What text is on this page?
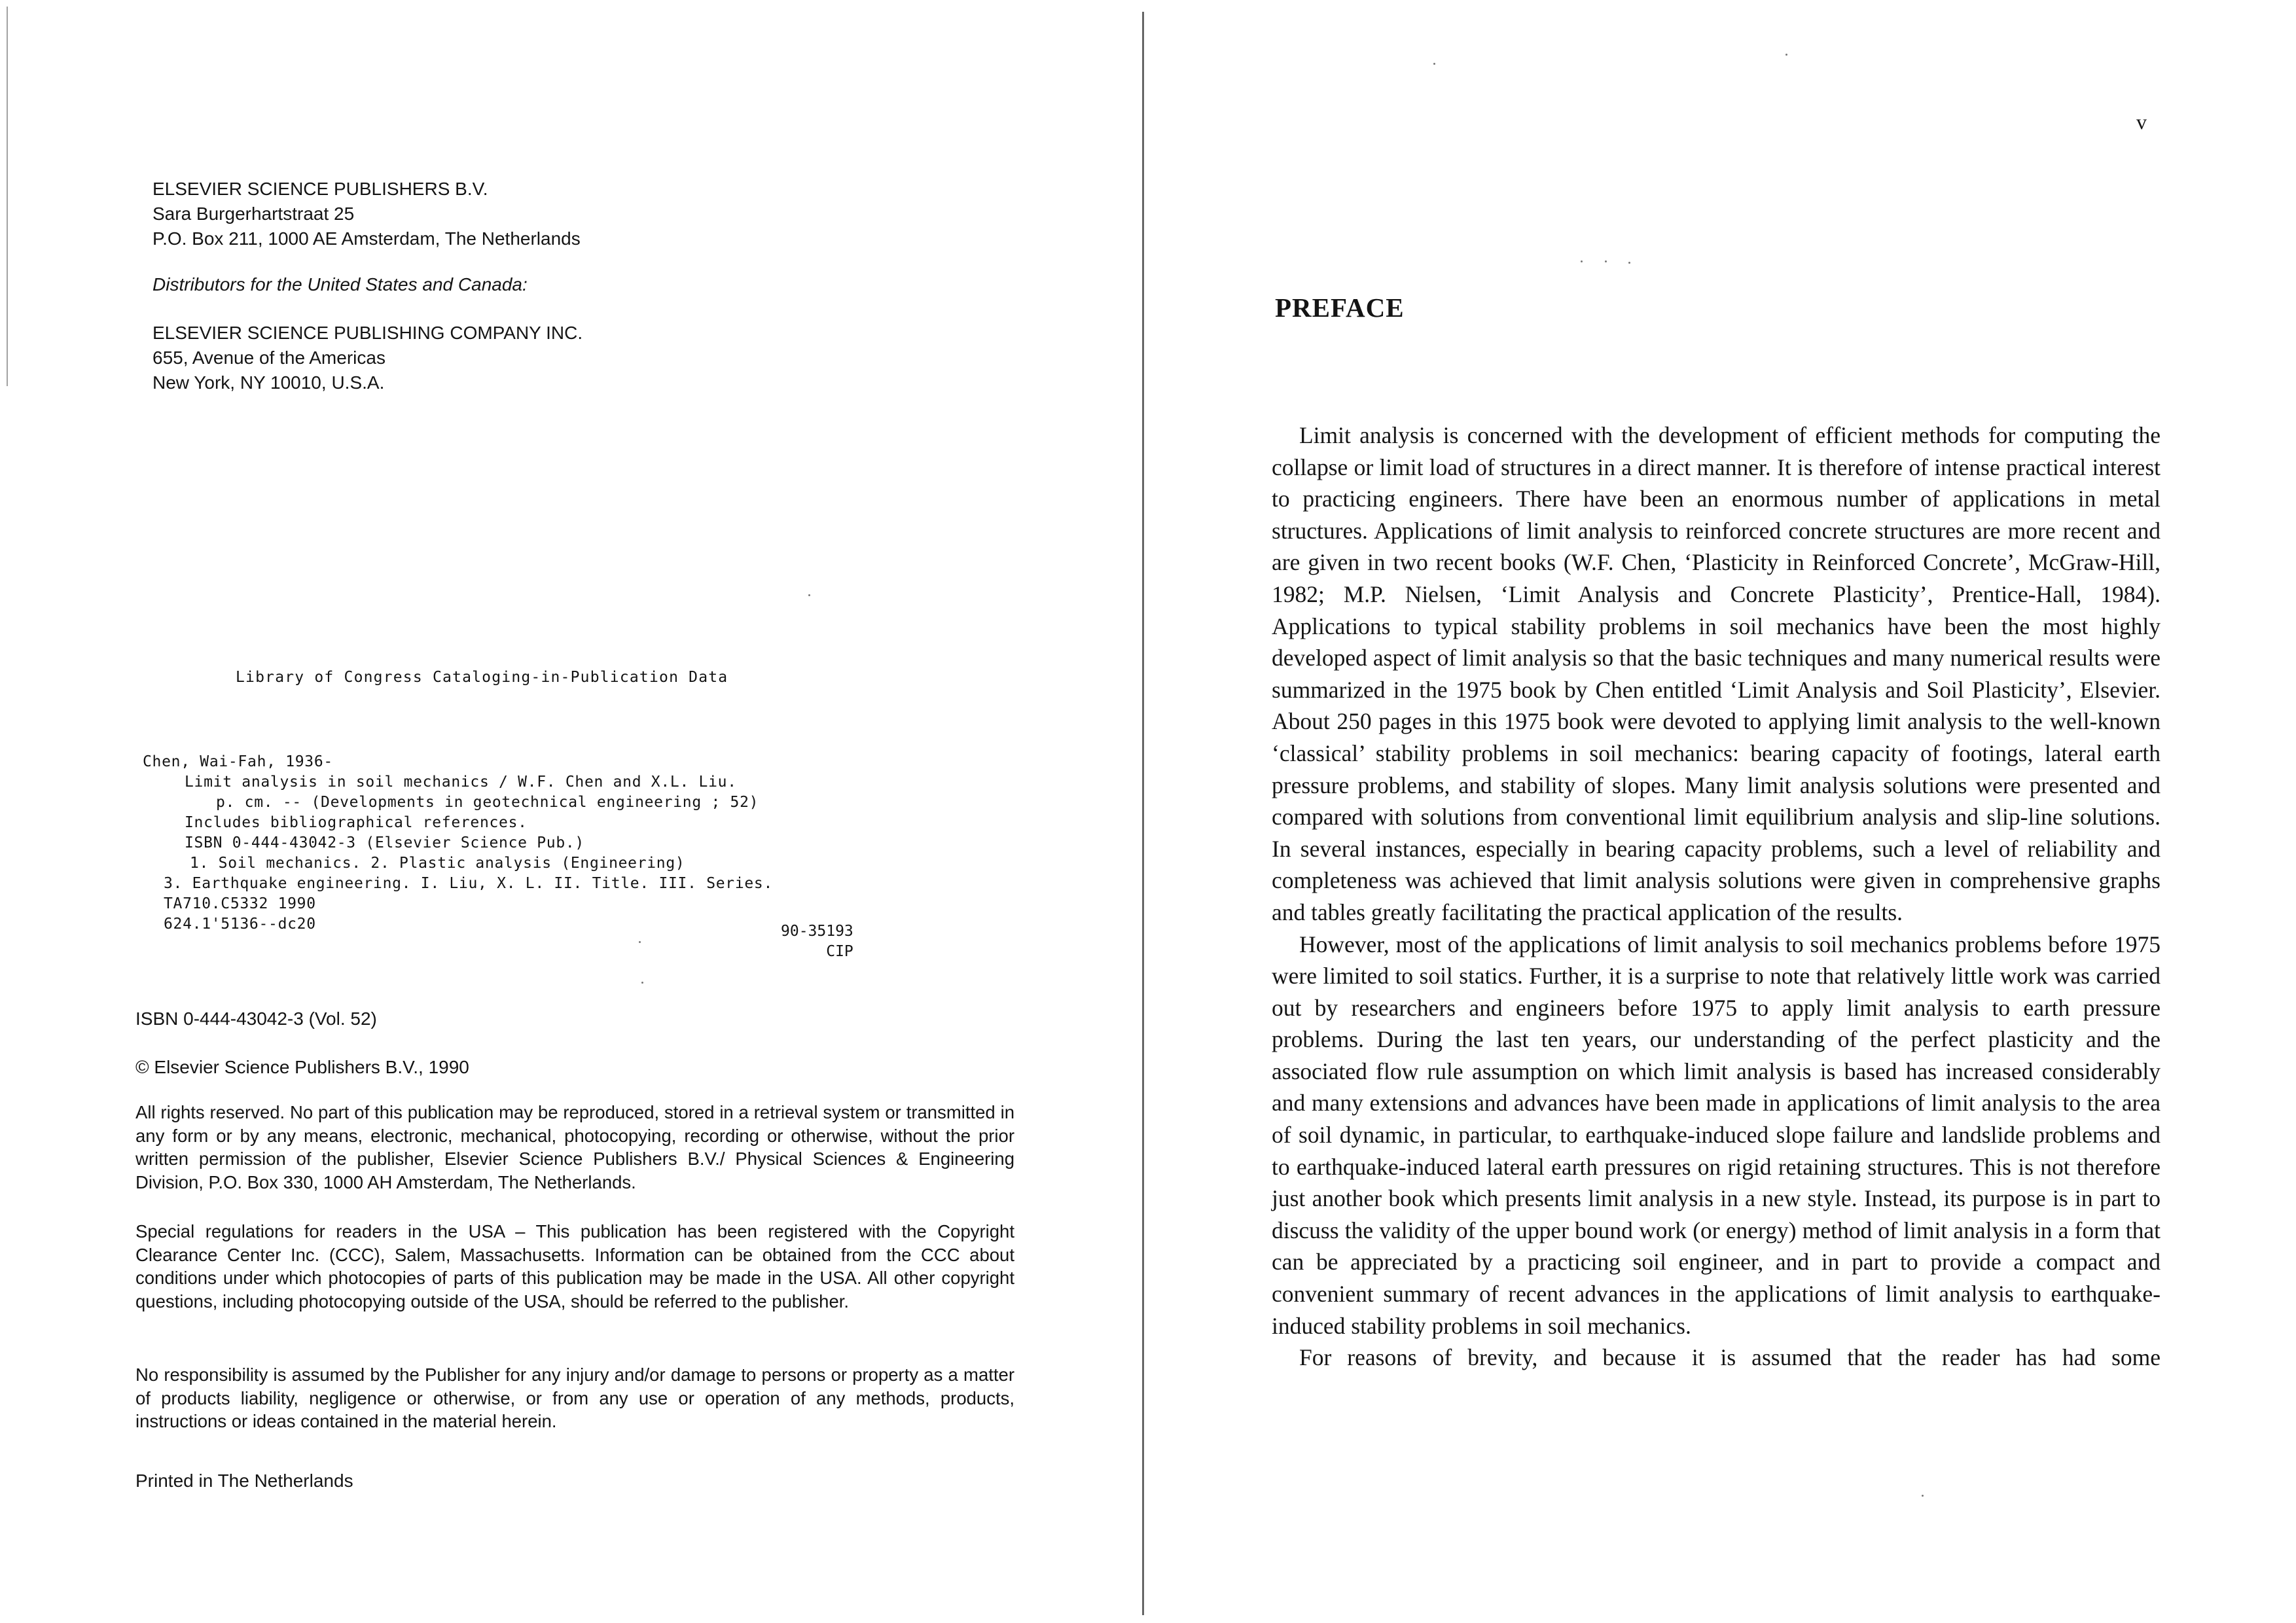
ELSEVIER SCIENCE PUBLISHERS B.V.
Sara Burgerhartstraat 25
P.O. Box 211, 1000 AE Amsterdam, The Netherlands
Distributors for the United States and Canada:
ELSEVIER SCIENCE PUBLISHING COMPANY INC.
655, Avenue of the Americas
New York, NY 10010, U.S.A.
Library of Congress Cataloging-in-Publication Data
Chen, Wai-Fah, 1936-
Limit analysis in soil mechanics / W.F. Chen and X.L. Liu.
p. cm. -- (Developments in geotechnical engineering ; 52)
Includes bibliographical references.
ISBN 0-444-43042-3 (Elsevier Science Pub.)
1. Soil mechanics. 2. Plastic analysis (Engineering)
3. Earthquake engineering. I. Liu, X. L. II. Title. III. Series.
TA710.C5332 1990
624.1'5136--dc20	90-35193
CIP
ISBN 0-444-43042-3 (Vol. 52)
© Elsevier Science Publishers B.V., 1990
All rights reserved. No part of this publication may be reproduced, stored in a retrieval system or transmitted in any form or by any means, electronic, mechanical, photocopying, recording or otherwise, without the prior written permission of the publisher, Elsevier Science Publishers B.V./ Physical Sciences & Engineering Division, P.O. Box 330, 1000 AH Amsterdam, The Netherlands.
Special regulations for readers in the USA – This publication has been registered with the Copyright Clearance Center Inc. (CCC), Salem, Massachusetts. Information can be obtained from the CCC about conditions under which photocopies of parts of this publication may be made in the USA. All other copyright questions, including photocopying outside of the USA, should be referred to the publisher.
No responsibility is assumed by the Publisher for any injury and/or damage to persons or property as a matter of products liability, negligence or otherwise, or from any use or operation of any methods, products, instructions or ideas contained in the material herein.
Printed in The Netherlands
v
PREFACE

Limit analysis is concerned with the development of efficient methods for computing the collapse or limit load of structures in a direct manner. It is therefore of intense practical interest to practicing engineers. There have been an enormous number of applications in metal structures. Applications of limit analysis to reinforced concrete structures are more recent and are given in two recent books (W.F. Chen, ‘Plasticity in Reinforced Concrete’, McGraw-Hill, 1982; M.P. Nielsen, ‘Limit Analysis and Concrete Plasticity’, Prentice-Hall, 1984). Applications to typical stability problems in soil mechanics have been the most highly developed aspect of limit analysis so that the basic techniques and many numerical results were summarized in the 1975 book by Chen entitled ‘Limit Analysis and Soil Plasticity’, Elsevier. About 250 pages in this 1975 book were devoted to applying limit analysis to the well-known ‘classical’ stability problems in soil mechanics: bearing capacity of footings, lateral earth pressure problems, and stability of slopes. Many limit analysis solutions were presented and compared with solutions from conventional limit equilibrium analysis and slip-line solutions. In several instances, especially in bearing capacity problems, such a level of reliability and completeness was achieved that limit analysis solutions were given in comprehensive graphs and tables greatly facilitating the practical application of the results.

However, most of the applications of limit analysis to soil mechanics problems before 1975 were limited to soil statics. Further, it is a surprise to note that relatively little work was carried out by researchers and engineers before 1975 to apply limit analysis to earth pressure problems. During the last ten years, our understanding of the perfect plasticity and the associated flow rule assumption on which limit analysis is based has increased considerably and many extensions and advances have been made in applications of limit analysis to the area of soil dynamic, in particular, to earthquake-induced slope failure and landslide problems and to earthquake-induced lateral earth pressures on rigid retaining structures. This is not therefore just another book which presents limit analysis in a new style. Instead, its purpose is in part to discuss the validity of the upper bound work (or energy) method of limit analysis in a form that can be appreciated by a practicing soil engineer, and in part to provide a compact and convenient summary of recent advances in the applications of limit analysis to earthquake-induced stability problems in soil mechanics.

For reasons of brevity, and because it is assumed that the reader has had some
